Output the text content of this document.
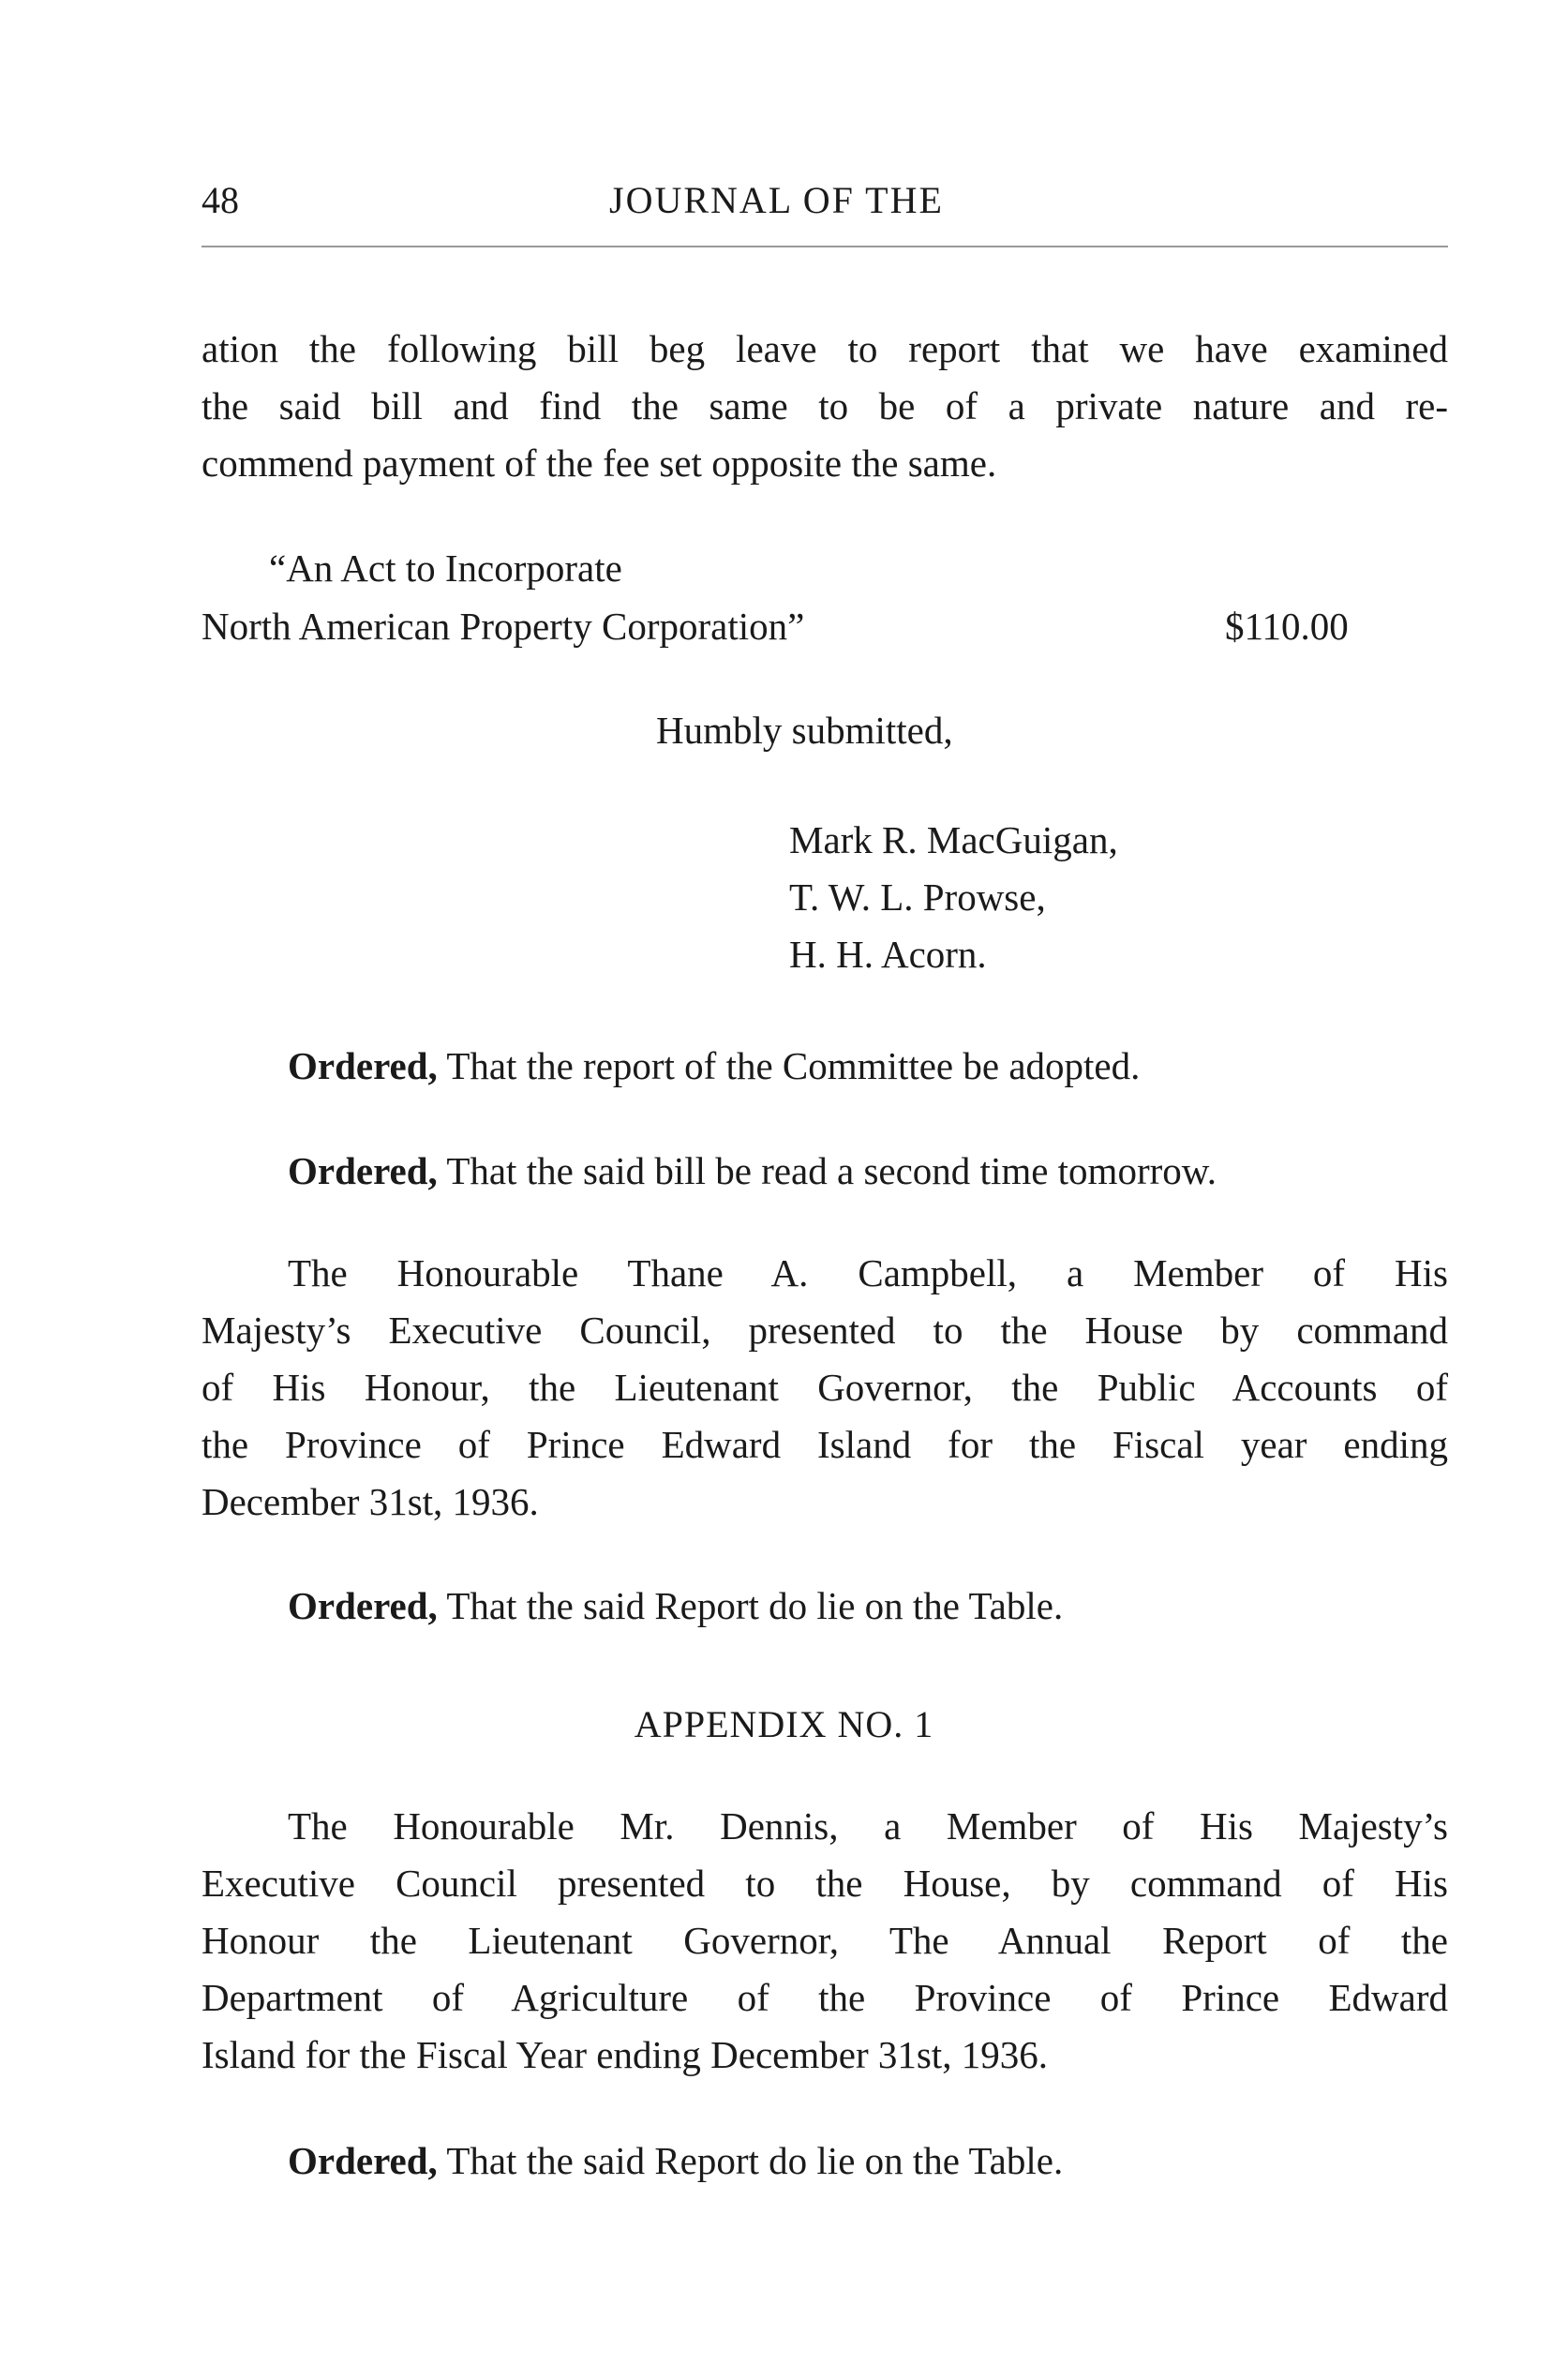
48	JOURNAL OF THE
ation the following bill beg leave to report that we have examined
the said bill and find the same to be of a private nature and re-
commend payment of the fee set opposite the same.
“An Act to Incorporate
North American Property Corporation”	$110.00
Humbly submitted,
Mark R. MacGuigan,
T. W. L. Prowse,
H. H. Acorn.
Ordered, That the report of the Committee be adopted.
Ordered, That the said bill be read a second time tomorrow.
The Honourable Thane A. Campbell, a Member of His
Majesty’s Executive Council, presented to the House by command
of His Honour, the Lieutenant Governor, the Public Accounts of
the Province of Prince Edward Island for the Fiscal year ending
December 31st, 1936.
Ordered, That the said Report do lie on the Table.
APPENDIX NO. 1
The Honourable Mr. Dennis, a Member of His Majesty’s
Executive Council presented to the House, by command of His
Honour the Lieutenant Governor, The Annual Report of the
Department of Agriculture of the Province of Prince Edward
Island for the Fiscal Year ending December 31st, 1936.
Ordered, That the said Report do lie on the Table.
